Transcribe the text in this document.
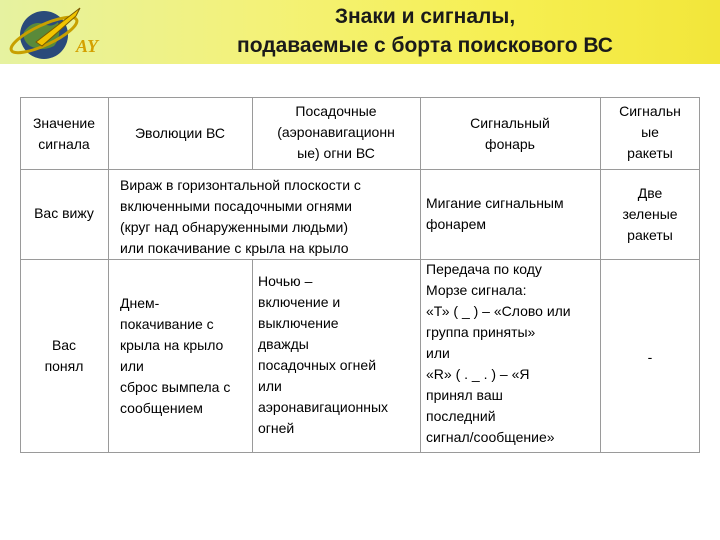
AY
Знаки и сигналы,
подаваемые с борта поискового ВС
Значение
сигнала
Эволюции ВС
Посадочные
(аэронавигационн
ые) огни ВС
Сигнальный
фонарь
Сигнальн
ые
ракеты
Вас вижу
Вираж в горизонтальной плоскости с
включенными посадочными огнями
(круг над обнаруженными людьми)
или покачивание с крыла на крыло
Мигание сигнальным
фонарем
Две
зеленые
ракеты
Вас
понял
Днем-
покачивание с
крыла на крыло
или
сброс вымпела с
сообщением
Ночью –
включение и
выключение
дважды
посадочных огней
или
аэронавигационных
огней
Передача по коду
Морзе сигнала:
«Т» ( _ ) – «Слово или
группа приняты»
или
«R» ( . _ . ) – «Я
принял ваш
последний
сигнал/сообщение»
-
